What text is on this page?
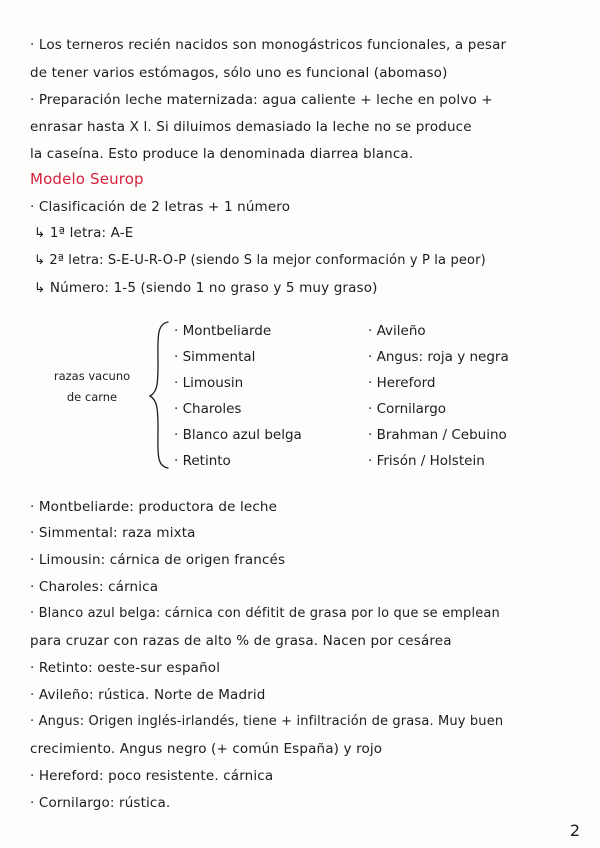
· Los terneros recién nacidos son monogástricos funcionales, a pesar
de tener varios estómagos, sólo uno es funcional (abomaso)
· Preparación leche maternizada: agua caliente + leche en polvo +
enrasar hasta X l. Si diluimos demasiado la leche no se produce
la caseína. Esto produce la denominada diarrea blanca.
Modelo Seurop
· Clasificación de 2 letras + 1 número
↳ 1ª letra: A-E
↳ 2ª letra: S-E-U-R-O-P (siendo S la mejor conformación y P la peor)
↳ Número: 1-5 (siendo 1 no graso y 5 muy graso)
razas vacuno
de carne
· Montbeliarde
· Simmental
· Limousin
· Charoles
· Blanco azul belga
· Retinto
· Avileño
· Angus: roja y negra
· Hereford
· Cornilargo
· Brahman / Cebuino
· Frisón / Holstein
· Montbeliarde: productora de leche
· Simmental: raza mixta
· Limousin: cárnica de origen francés
· Charoles: cárnica
· Blanco azul belga: cárnica con défitit de grasa por lo que se emplean
para cruzar con razas de alto % de grasa. Nacen por cesárea
· Retinto: oeste-sur español
· Avileño: rústica. Norte de Madrid
· Angus: Origen inglés-irlandés, tiene + infiltración de grasa. Muy buen
crecimiento. Angus negro (+ común España) y rojo
· Hereford: poco resistente. cárnica
· Cornilargo: rústica.
2
